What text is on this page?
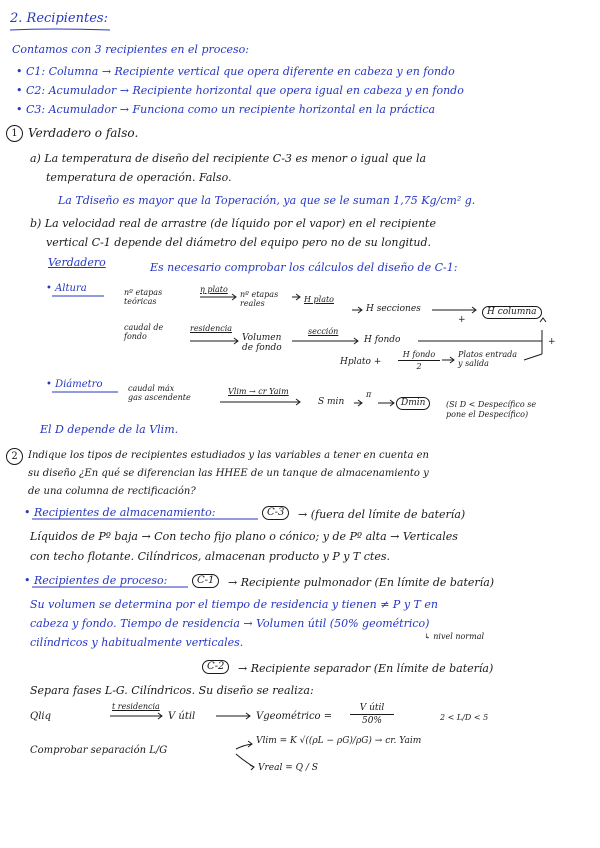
2. Recipientes:
Contamos con 3 recipientes en el proceso:
• C1: Columna → Recipiente vertical que opera diferente en cabeza y en fondo
• C2: Acumulador → Recipiente horizontal que opera igual en cabeza y en fondo
• C3: Acumulador → Funciona como un recipiente horizontal en la práctica
1 Verdadero o falso.
a) La temperatura de diseño del recipiente C-3 es menor o igual que la
temperatura de operación. Falso.
La Tdiseño es mayor que la Toperación, ya que se le suman 1,75 Kg/cm² g.
b) La velocidad real de arrastre (de líquido por el vapor) en el recipiente
vertical C-1 depende del diámetro del equipo pero no de su longitud.
Verdadero	Es necesario comprobar los cálculos del diseño de C-1:
• Altura	nº etapas
teóricas
η plato
nº etapas
reales	H plato
H secciones
+
H columna
caudal de
fondo
residencia
Volumen
de fondo
sección
H fondo	+
Hplato +
H fondo
2
Platos entrada
y salida
• Diámetro	caudal máx
gas ascendente
Vlim → cr Yaim
S min
π
Dmin	(Si D < Despecífico se
pone el Despecífico)
El D depende de la Vlim.
2	Indique los tipos de recipientes estudiados y las variables a tener en cuenta en
su diseño ¿En qué se diferencian las HHEE de un tanque de almacenamiento y
de una columna de rectificación?
• Recipientes de almacenamiento:	C-3	→ (fuera del límite de batería)
Líquidos de Pº baja → Con techo fijo plano o cónico; y de Pº alta → Verticales
con techo flotante. Cilíndricos, almacenan producto y P y T ctes.
• Recipientes de proceso:	C-1	→ Recipiente pulmonador (En límite de batería)
Su volumen se determina por el tiempo de residencia y tienen ≠ P y T en
cabeza y fondo. Tiempo de residencia → Volumen útil (50% geométrico)
cilíndricos y habitualmente verticales.	↳ nivel normal
C-2	→ Recipiente separador (En límite de batería)
Separa fases L-G. Cilíndricos. Su diseño se realiza:
Qliq
t residencia
V útil	Vgeométrico =
V útil
50%	2 < L/D < 5
Comprobar separación L/G
Vlim = K √((ρL − ρG)/ρG) → cr. Yaim
Vreal = Q / S
